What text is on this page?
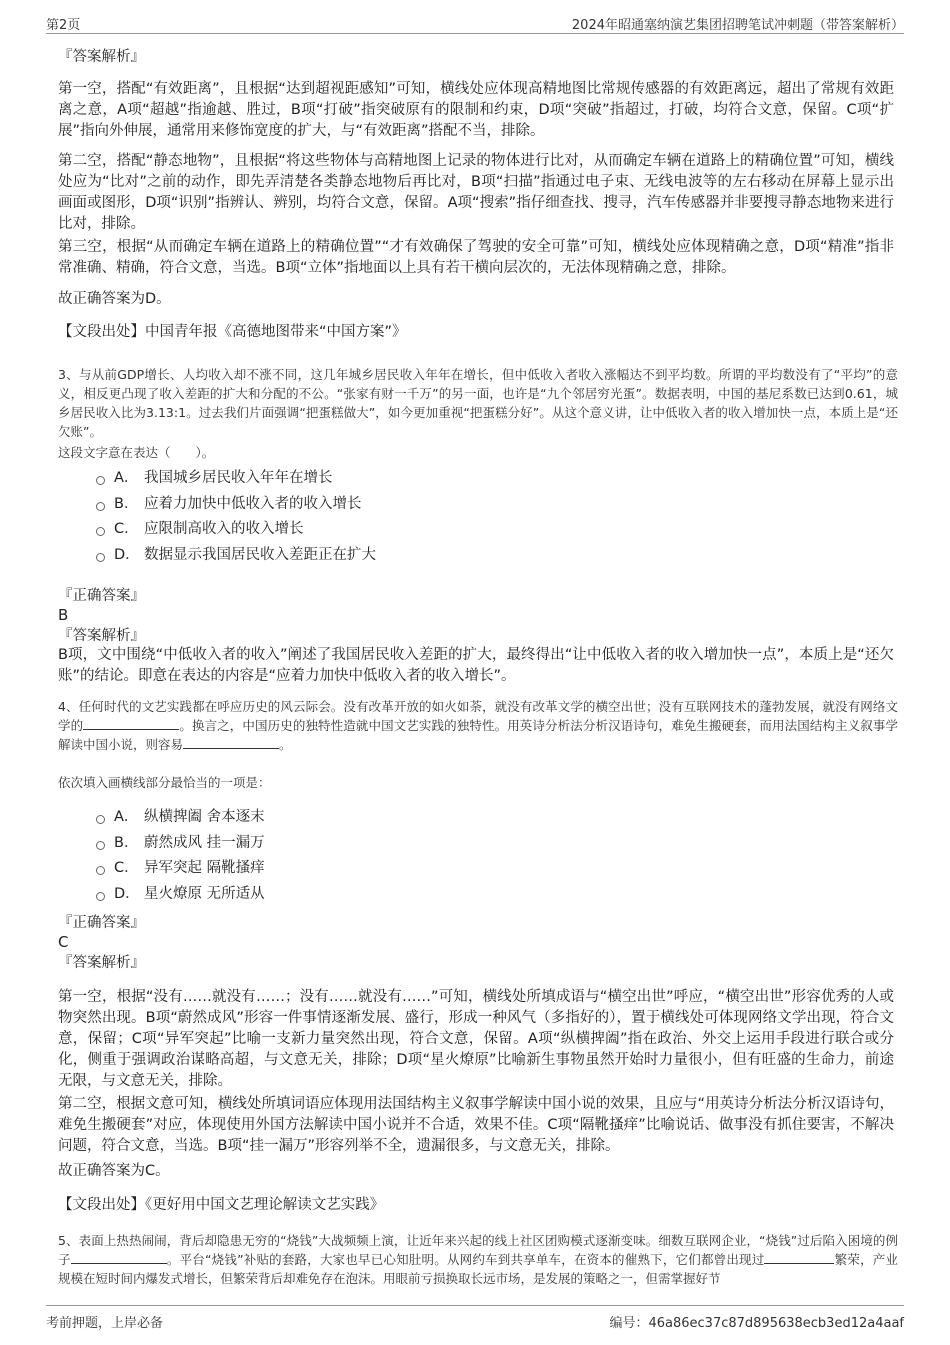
第2页	2024年昭通塞纳演艺集团招聘笔试冲刺题（带答案解析）
『答案解析』
第一空，搭配“有效距离”，且根据“达到超视距感知”可知，横线处应体现高精地图比常规传感器的有效距离远，超出了常规有效距离之意，A项“超越”指逾越、胜过，B项“打破”指突破原有的限制和约束，D项“突破”指超过，打破，均符合文意，保留。C项“扩展”指向外伸展，通常用来修饰宽度的扩大，与“有效距离”搭配不当，排除。
第二空，搭配“静态地物”，且根据“将这些物体与高精地图上记录的物体进行比对，从而确定车辆在道路上的精确位置”可知，横线处应为“比对”之前的动作，即先弄清楚各类静态地物后再比对，B项“扫描”指通过电子束、无线电波等的左右移动在屏幕上显示出画面或图形，D项“识别”指辨认、辨别，均符合文意，保留。A项“搜索”指仔细查找、搜寻，汽车传感器并非要搜寻静态地物来进行比对，排除。
第三空，根据“从而确定车辆在道路上的精确位置”“才有效确保了驾驶的安全可靠”可知，横线处应体现精确之意，D项“精准”指非常准确、精确，符合文意，当选。B项“立体”指地面以上具有若干横向层次的，无法体现精确之意，排除。
故正确答案为D。
【文段出处】中国青年报《高德地图带来“中国方案”》
3、与从前GDP增长、人均收入却不涨不同，这几年城乡居民收入年年在增长，但中低收入者收入涨幅达不到平均数。所谓的平均数没有了“平均”的意义，相反更凸现了收入差距的扩大和分配的不公。“张家有财一千万”的另一面，也许是“九个邻居穷光蛋”。数据表明，中国的基尼系数已达到0.61，城乡居民收入比为3.13:1。过去我们片面强调“把蛋糕做大”，如今更加重视“把蛋糕分好”。从这个意义讲，让中低收入者的收入增加快一点，本质上是“还欠账”。
这段文字意在表达（　　）。
A． 我国城乡居民收入年年在增长
B． 应着力加快中低收入者的收入增长
C． 应限制高收入的收入增长
D． 数据显示我国居民收入差距正在扩大
『正确答案』
B
『答案解析』
B项，文中围绕“中低收入者的收入”阐述了我国居民收入差距的扩大，最终得出“让中低收入者的收入增加快一点”，本质上是“还欠账”的结论。即意在表达的内容是“应着力加快中低收入者的收入增长”。
4、任何时代的文艺实践都在呼应历史的风云际会。没有改革开放的如火如荼，就没有改革文学的横空出世；没有互联网技术的蓬勃发展，就没有网络文学的	。换言之，中国历史的独特性造就中国文艺实践的独特性。用英诗分析法分析汉语诗句，难免生搬硬套，而用法国结构主义叙事学解读中国小说，则容易	。
依次填入画横线部分最恰当的一项是：
A． 纵横捭阖 舍本逐末
B． 蔚然成风 挂一漏万
C． 异军突起 隔靴搔痒
D． 星火燎原 无所适从
『正确答案』
C
『答案解析』
第一空，根据“没有……就没有……；没有……就没有……”可知，横线处所填成语与“横空出世”呼应，“横空出世”形容优秀的人或物突然出现。B项“蔚然成风”形容一件事情逐渐发展、盛行，形成一种风气（多指好的），置于横线处可体现网络文学出现，符合文意，保留；C项“异军突起”比喻一支新力量突然出现，符合文意，保留。A项“纵横捭阖”指在政治、外交上运用手段进行联合或分化，侧重于强调政治谋略高超，与文意无关，排除；D项“星火燎原”比喻新生事物虽然开始时力量很小，但有旺盛的生命力，前途无限，与文意无关，排除。
第二空，根据文意可知，横线处所填词语应体现用法国结构主义叙事学解读中国小说的效果，且应与“用英诗分析法分析汉语诗句，难免生搬硬套”对应，体现使用外国方法解读中国小说并不合适，效果不佳。C项“隔靴搔痒”比喻说话、做事没有抓住要害，不解决问题，符合文意，当选。B项“挂一漏万”形容列举不全，遗漏很多，与文意无关，排除。
故正确答案为C。
【文段出处】《更好用中国文艺理论解读文艺实践》
5、表面上热热闹闹，背后却隐患无穷的“烧钱”大战频频上演，让近年来兴起的线上社区团购模式逐渐变味。细数互联网企业，“烧钱”过后陷入困境的例子	。平台“烧钱”补贴的套路，大家也早已心知肚明。从网约车到共享单车，在资本的催熟下，它们都曾出现过	繁荣，产业规模在短时间内爆发式增长，但繁荣背后却难免存在泡沫。用眼前亏损换取长远市场，是发展的策略之一，但需掌握好节
考前押题，上岸必备	编号：46a86ec37c87d895638ecb3ed12a4aaf
